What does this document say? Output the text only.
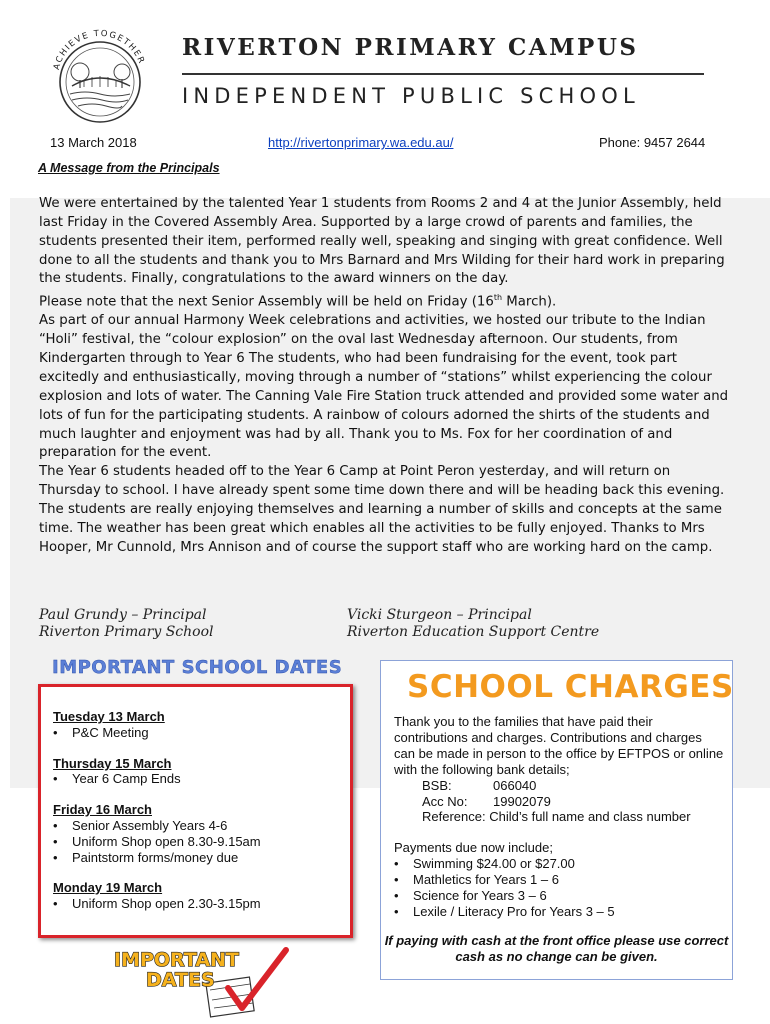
ACHIEVE TOGETHER RIVERTON PRIMARY CAMPUS
INDEPENDENT PUBLIC SCHOOL
13 March 2018	http://rivertonprimary.wa.edu.au/	Phone: 9457 2644
A Message from the Principals

We were entertained by the talented Year 1 students from Rooms 2 and 4 at the Junior Assembly, held last Friday in the Covered Assembly Area. Supported by a large crowd of parents and families, the students presented their item, performed really well, speaking and singing with great confidence. Well done to all the students and thank you to Mrs Barnard and Mrs Wilding for their hard work in preparing the students. Finally, congratulations to the award winners on the day.

Please note that the next Senior Assembly will be held on Friday (16th March).

As part of our annual Harmony Week celebrations and activities, we hosted our tribute to the Indian “Holi” festival, the “colour explosion” on the oval last Wednesday afternoon. Our students, from Kindergarten through to Year 6 The students, who had been fundraising for the event, took part excitedly and enthusiastically, moving through a number of “stations” whilst experiencing the colour explosion and lots of water. The Canning Vale Fire Station truck attended and provided some water and lots of fun for the participating students. A rainbow of colours adorned the shirts of the students and much laughter and enjoyment was had by all. Thank you to Ms. Fox for her coordination of and preparation for the event.

The Year 6 students headed off to the Year 6 Camp at Point Peron yesterday, and will return on Thursday to school. I have already spent some time down there and will be heading back this evening. The students are really enjoying themselves and learning a number of skills and concepts at the same time. The weather has been great which enables all the activities to be fully enjoyed. Thanks to Mrs Hooper, Mr Cunnold, Mrs Annison and of course the support staff who are working hard on the camp.

Paul Grundy – Principal
Riverton Primary School
Vicki Sturgeon – Principal
Riverton Education Support Centre
IMPORTANT SCHOOL DATES
Tuesday 13 March
• P&C Meeting
Thursday 15 March
• Year 6 Camp Ends
Friday 16 March
• Senior Assembly Years 4-6
• Uniform Shop open 8.30-9.15am
• Paintstorm forms/money due
Monday 19 March
• Uniform Shop open 2.30-3.15pm
IMPORTANT
DATES
SCHOOL CHARGES

Thank you to the families that have paid their contributions and charges. Contributions and charges can be made in person to the office by EFTPOS or online with the following bank details;

BSB:	066040
Acc No: 19902079
Reference: Child’s full name and class number

Payments due now include;

• Swimming $24.00 or $27.00
• Mathletics for Years 1 – 6
• Science for Years 3 – 6
• Lexile / Literacy Pro for Years 3 – 5
If paying with cash at the front office please use correct cash as no change can be given.
